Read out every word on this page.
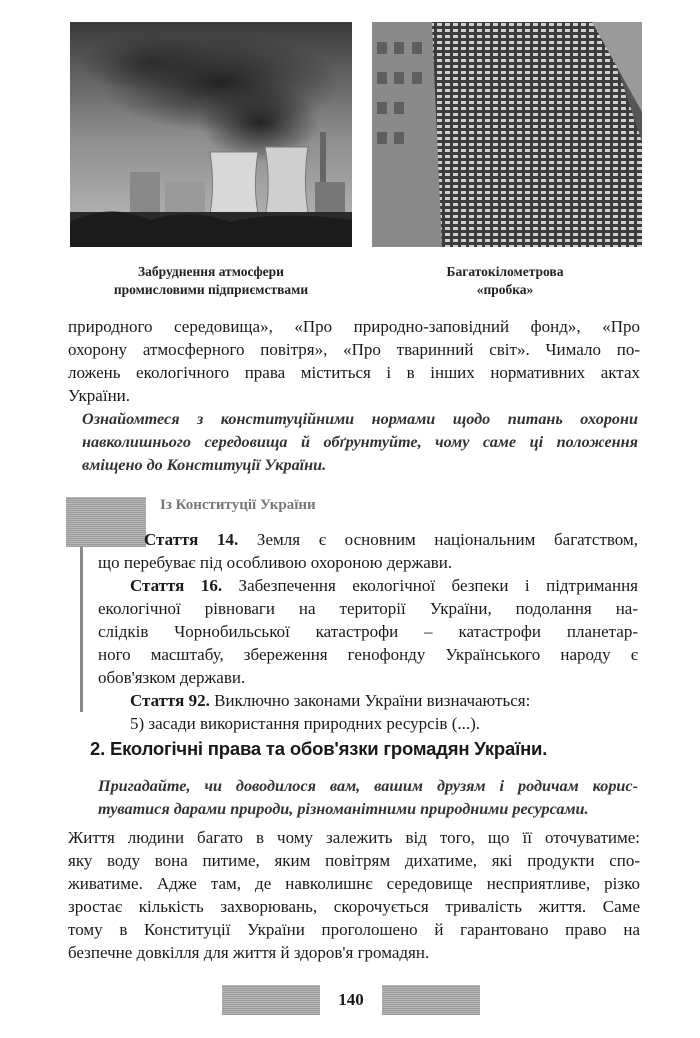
Забруднення атмосфери
промисловими підприємствами
Багатокілометрова
«пробка»
природного середовища», «Про природно-заповідний фонд», «Про
охорону атмосферного повітря», «Про тваринний світ». Чимало по-
ложень екологічного права міститься і в інших нормативних актах
України.
Ознайомтеся з конституційними нормами щодо питань охорони
навколишнього середовища й обґрунтуйте, чому саме ці положення
вміщено до Конституції України.
Із Конституції України
Стаття 14. Земля є основним національним багатством,
що перебуває під особливою охороною держави.
Стаття 16. Забезпечення екологічної безпеки і підтримання
екологічної рівноваги на території України, подолання на-
слідків Чорнобильської катастрофи – катастрофи планетар-
ного масштабу, збереження генофонду Українського народу є
обов'язком держави.
Стаття 92. Виключно законами України визначаються:
5) засади використання природних ресурсів (...).
2. Екологічні права та обов'язки громадян України.
Пригадайте, чи доводилося вам, вашим друзям і родичам корис-
туватися дарами природи, різноманітними природними ресурсами.
Життя людини багато в чому залежить від того, що її оточуватиме:
яку воду вона питиме, яким повітрям дихатиме, які продукти спо-
живатиме. Адже там, де навколишнє середовище несприятливе, різко
зростає кількість захворювань, скорочується тривалість життя. Саме
тому в Конституції України проголошено й гарантовано право на
безпечне довкілля для життя й здоров'я громадян.
140
